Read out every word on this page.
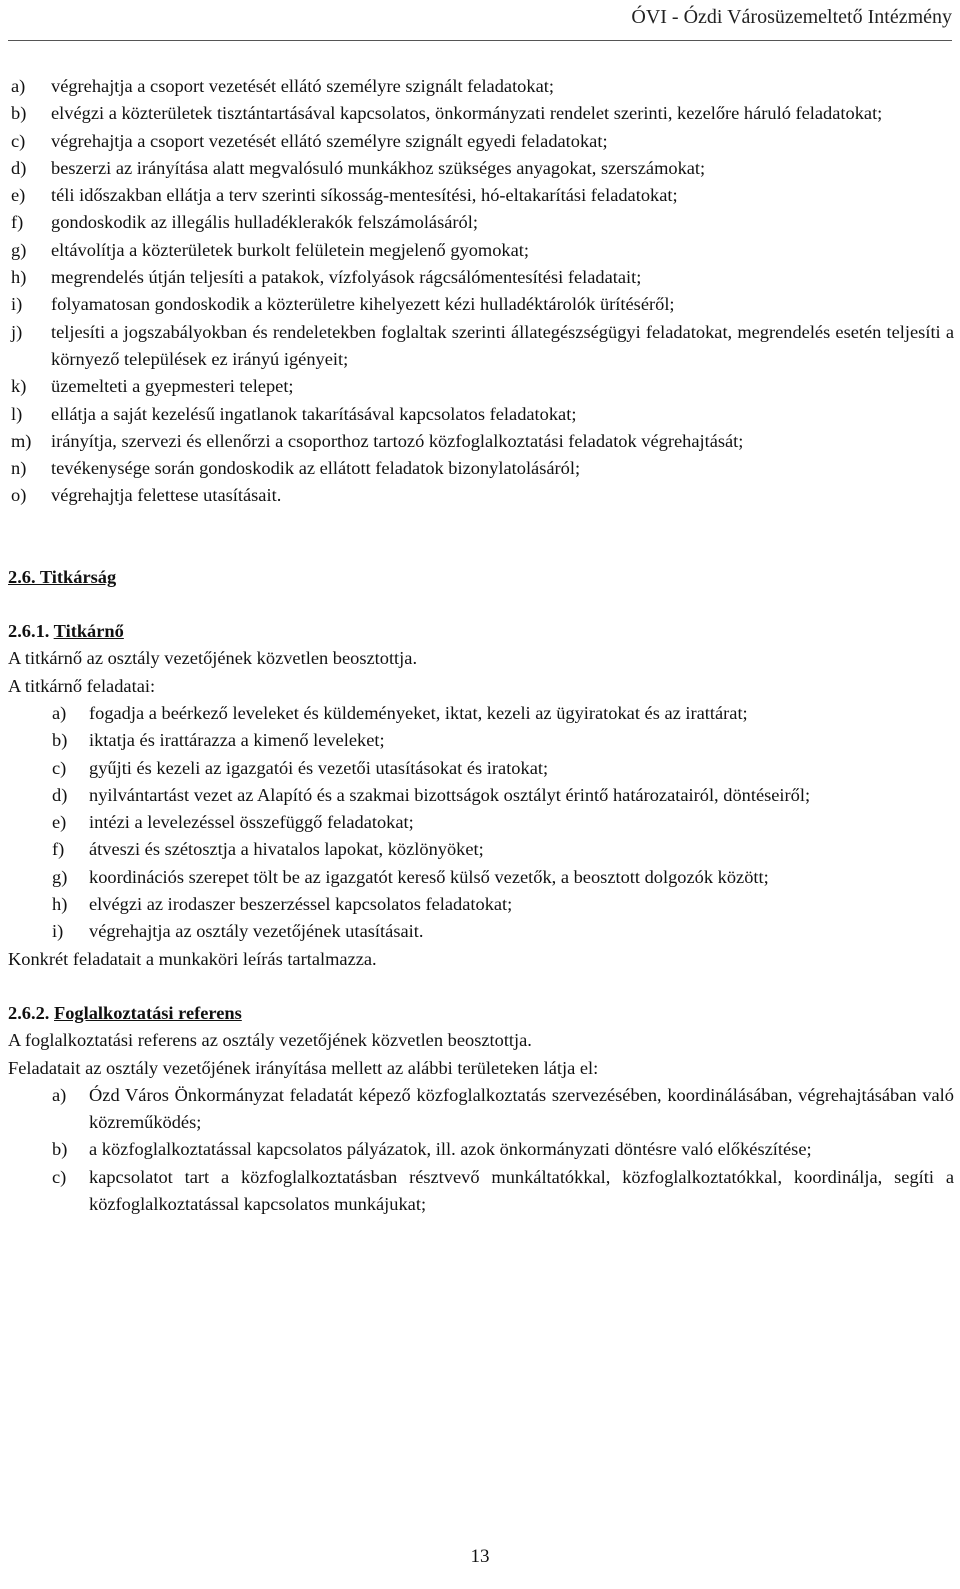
ÓVI - Ózdi Városüzemeltető Intézmény
a)	végrehajtja a csoport vezetését ellátó személyre szignált feladatokat;
b)	elvégzi a közterületek tisztántartásával kapcsolatos, önkormányzati rendelet szerinti, kezelőre háruló feladatokat;
c)	végrehajtja a csoport vezetését ellátó személyre szignált egyedi feladatokat;
d)	beszerzi az irányítása alatt megvalósuló munkákhoz szükséges anyagokat, szerszámokat;
e)	téli időszakban ellátja a terv szerinti síkosság-mentesítési, hó-eltakarítási feladatokat;
f)	gondoskodik az illegális hulladéklerakók felszámolásáról;
g)	eltávolítja a közterületek burkolt felületein megjelenő gyomokat;
h)	megrendelés útján teljesíti a patakok, vízfolyások rágcsálómentesítési feladatait;
i)	folyamatosan gondoskodik a közterületre kihelyezett kézi hulladéktárolók ürítéséről;
j)	teljesíti a jogszabályokban és rendeletekben foglaltak szerinti állategészségügyi feladatokat, megrendelés esetén teljesíti a környező települések ez irányú igényeit;
k)	üzemelteti a gyepmesteri telepet;
l)	ellátja a saját kezelésű ingatlanok takarításával kapcsolatos feladatokat;
m)	irányítja, szervezi és ellenőrzi a csoporthoz tartozó közfoglalkoztatási feladatok végrehajtását;
n)	tevékenysége során gondoskodik az ellátott feladatok bizonylatolásáról;
o)	végrehajtja felettese utasításait.
2.6. Titkárság
2.6.1. Titkárnő
A titkárnő az osztály vezetőjének közvetlen beosztottja.
A titkárnő feladatai:
a)	fogadja a beérkező leveleket és küldeményeket, iktat, kezeli az ügyiratokat és az irattárat;
b)	iktatja és irattárazza a kimenő leveleket;
c)	gyűjti és kezeli az igazgatói és vezetői utasításokat és iratokat;
d)	nyilvántartást vezet az Alapító és a szakmai bizottságok osztályt érintő határozatairól, döntéseiről;
e)	intézi a levelezéssel összefüggő feladatokat;
f)	átveszi és szétosztja a hivatalos lapokat, közlönyöket;
g)	koordinációs szerepet tölt be az igazgatót kereső külső vezetők, a beosztott dolgozók között;
h)	elvégzi az irodaszer beszerzéssel kapcsolatos feladatokat;
i)	végrehajtja az osztály vezetőjének utasításait.
Konkrét feladatait a munkaköri leírás tartalmazza.
2.6.2. Foglalkoztatási referens
A foglalkoztatási referens az osztály vezetőjének közvetlen beosztottja.
Feladatait az osztály vezetőjének irányítása mellett az alábbi területeken látja el:
a)	Ózd Város Önkormányzat feladatát képező közfoglalkoztatás szervezésében, koordinálásában, végrehajtásában való közreműködés;
b)	a közfoglalkoztatással kapcsolatos pályázatok, ill. azok önkormányzati döntésre való előkészítése;
c)	kapcsolatot tart a közfoglalkoztatásban résztvevő munkáltatókkal, közfoglalkoztatókkal, koordinálja, segíti a közfoglalkoztatással kapcsolatos munkájukat;
13
